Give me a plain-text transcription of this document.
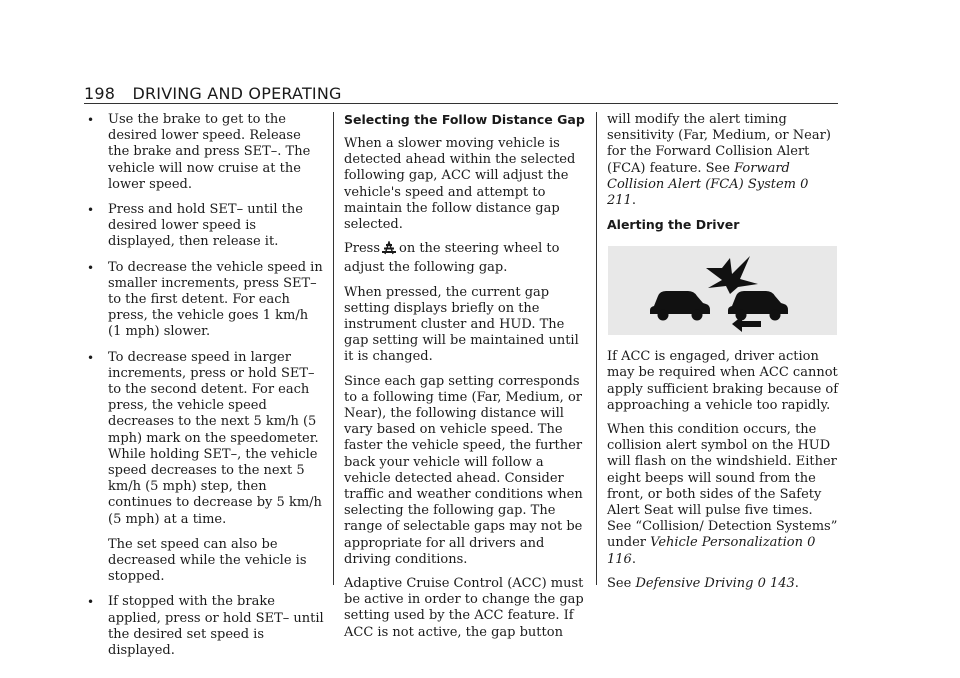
198 DRIVING AND OPERATING
• Use the brake to get to the desired lower speed. Release the brake and press SET–. The vehicle will now cruise at the lower speed.
• Press and hold SET– until the desired lower speed is displayed, then release it.
• To decrease the vehicle speed in smaller increments, press SET– to the first detent. For each press, the vehicle goes 1 km/h (1 mph) slower.
• To decrease speed in larger increments, press or hold SET– to the second detent. For each press, the vehicle speed decreases to the next 5 km/h (5 mph) mark on the speedometer. While holding SET–, the vehicle speed decreases to the next 5 km/h (5 mph) step, then continues to decrease by 5 km/h (5 mph) at a time.
The set speed can also be decreased while the vehicle is stopped.
• If stopped with the brake applied, press or hold SET– until the desired set speed is displayed.
Selecting the Follow Distance Gap

When a slower moving vehicle is detected ahead within the selected following gap, ACC will adjust the vehicle's speed and attempt to maintain the follow distance gap selected.

Press on the steering wheel to adjust the following gap.

When pressed, the current gap setting displays briefly on the instrument cluster and HUD. The gap setting will be maintained until it is changed.

Since each gap setting corresponds to a following time (Far, Medium, or Near), the following distance will vary based on vehicle speed. The faster the vehicle speed, the further back your vehicle will follow a vehicle detected ahead. Consider traffic and weather conditions when selecting the following gap. The range of selectable gaps may not be appropriate for all drivers and driving conditions.

Adaptive Cruise Control (ACC) must be active in order to change the gap setting used by the ACC feature. If ACC is not active, the gap button

will modify the alert timing sensitivity (Far, Medium, or Near) for the Forward Collision Alert (FCA) feature. See Forward Collision Alert (FCA) System 0 211.

Alerting the Driver

If ACC is engaged, driver action may be required when ACC cannot apply sufficient braking because of approaching a vehicle too rapidly.

When this condition occurs, the collision alert symbol on the HUD will flash on the windshield. Either eight beeps will sound from the front, or both sides of the Safety Alert Seat will pulse five times. See “Collision/ Detection Systems” under Vehicle Personalization 0 116.

See Defensive Driving 0 143.
